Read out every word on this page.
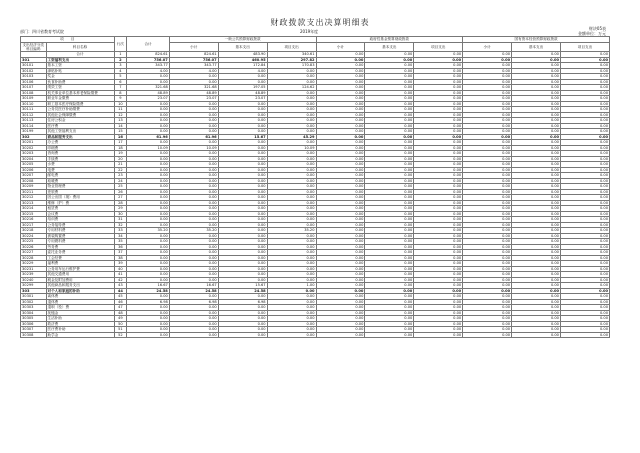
财政拨款支出决算明细表
财决05表
金额单位：万元
部门：四川省教育考试院	2019年度
项　　目		行次	合计	一般公共预算财政拨款			政府性基金预算财政拨款			国有资本经营预算财政拨款		
支出经济分类科目编码	科目名称			小计	基本支出	项目支出	小计	基本支出	项目支出	小计	基本支出	项目支出

	合计	1	824.61	824.61	483.90	340.61	0.00	0.00	0.00	0.00	0.00	0.00
301	工资福利支出	2	756.07	756.07	460.95	297.82	0.00	0.00	0.00	0.00	0.00	0.00
30101	基本工资	3	343.77	343.77	172.84	170.83	0.00	0.00	0.00	0.00	0.00	0.00
30102	津贴补贴	4	4.00	4.00	4.00	0.00	0.00	0.00	0.00	0.00	0.00	0.00
30103	奖金	5	0.00	0.00	0.00	0.00	0.00	0.00	0.00	0.00	0.00	0.00
30106	伙食补助费	6	0.00	0.00	0.00	0.00	0.00	0.00	0.00	0.00	0.00	0.00
30107	绩效工资	7	321.68	321.68	197.05	124.62	0.00	0.00	0.00	0.00	0.00	0.00
30108	机关事业单位基本养老保险缴费	8	48.89	48.89	48.89	0.00	0.00	0.00	0.00	0.00	0.00	0.00
30109	职业年金缴费	9	23.07	23.07	23.07	0.00	0.00	0.00	0.00	0.00	0.00	0.00
30110	职工基本医疗保险缴费	10	0.00	0.00	0.00	0.00	0.00	0.00	0.00	0.00	0.00	0.00
30111	公务员医疗补助缴费	11	0.00	0.00	0.00	0.00	0.00	0.00	0.00	0.00	0.00	0.00
30112	其他社会保障缴费	12	0.00	0.00	0.00	0.00	0.00	0.00	0.00	0.00	0.00	0.00
30113	住房公积金	13	0.00	0.00	0.00	0.00	0.00	0.00	0.00	0.00	0.00	0.00
30114	医疗费	14	0.00	0.00	0.00	0.00	0.00	0.00	0.00	0.00	0.00	0.00
30199	其他工资福利支出	15	0.00	0.00	0.00	0.00	0.00	0.00	0.00	0.00	0.00	0.00
302	商品和服务支出	16	61.96	61.96	15.67	45.29	0.00	0.00	0.00	0.00	0.00	0.00
30201	办公费	17	0.00	0.00	0.00	0.00	0.00	0.00	0.00	0.00	0.00	0.00
30202	印刷费	18	10.09	10.09	0.00	10.09	0.00	0.00	0.00	0.00	0.00	0.00
30203	咨询费	19	0.00	0.00	0.00	0.00	0.00	0.00	0.00	0.00	0.00	0.00
30204	手续费	20	0.00	0.00	0.00	0.00	0.00	0.00	0.00	0.00	0.00	0.00
30205	水费	21	0.00	0.00	0.00	0.00	0.00	0.00	0.00	0.00	0.00	0.00
30206	电费	22	0.00	0.00	0.00	0.00	0.00	0.00	0.00	0.00	0.00	0.00
30207	邮电费	23	0.00	0.00	0.00	0.00	0.00	0.00	0.00	0.00	0.00	0.00
30208	取暖费	24	0.00	0.00	0.00	0.00	0.00	0.00	0.00	0.00	0.00	0.00
30209	物业管理费	25	0.00	0.00	0.00	0.00	0.00	0.00	0.00	0.00	0.00	0.00
30211	差旅费	26	0.00	0.00	0.00	0.00	0.00	0.00	0.00	0.00	0.00	0.00
30212	因公出国（境）费用	27	0.00	0.00	0.00	0.00	0.00	0.00	0.00	0.00	0.00	0.00
30213	维修（护）费	28	0.00	0.00	0.00	0.00	0.00	0.00	0.00	0.00	0.00	0.00
30214	租赁费	29	0.00	0.00	0.00	0.00	0.00	0.00	0.00	0.00	0.00	0.00
30215	会议费	30	0.00	0.00	0.00	0.00	0.00	0.00	0.00	0.00	0.00	0.00
30216	培训费	31	0.00	0.00	0.00	0.00	0.00	0.00	0.00	0.00	0.00	0.00
30217	公务接待费	32	0.00	0.00	0.00	0.00	0.00	0.00	0.00	0.00	0.00	0.00
30218	专用材料费	33	35.20	35.20	0.00	35.20	0.00	0.00	0.00	0.00	0.00	0.00
30224	被装购置费	34	0.00	0.00	0.00	0.00	0.00	0.00	0.00	0.00	0.00	0.00
30225	专用燃料费	35	0.00	0.00	0.00	0.00	0.00	0.00	0.00	0.00	0.00	0.00
30226	劳务费	36	0.00	0.00	0.00	0.00	0.00	0.00	0.00	0.00	0.00	0.00
30227	委托业务费	37	0.00	0.00	0.00	0.00	0.00	0.00	0.00	0.00	0.00	0.00
30228	工会经费	38	0.00	0.00	0.00	0.00	0.00	0.00	0.00	0.00	0.00	0.00
30229	福利费	39	0.00	0.00	0.00	0.00	0.00	0.00	0.00	0.00	0.00	0.00
30231	公务用车运行维护费	40	0.00	0.00	0.00	0.00	0.00	0.00	0.00	0.00	0.00	0.00
30239	其他交通费用	41	0.00	0.00	0.00	0.00	0.00	0.00	0.00	0.00	0.00	0.00
30240	税金及附加费用	42	0.00	0.00	0.00	0.00	0.00	0.00	0.00	0.00	0.00	0.00
30299	其他商品和服务支出	43	16.67	16.67	15.67	1.00	0.00	0.00	0.00	0.00	0.00	0.00
303	对个人和家庭的补助	44	24.58	24.58	24.58	0.00	0.00	0.00	0.00	0.00	0.00	0.00
30301	离休费	45	0.00	0.00	0.00	0.00	0.00	0.00	0.00	0.00	0.00	0.00
30302	退休费	46	6.98	6.98	6.98	0.00	0.00	0.00	0.00	0.00	0.00	0.00
30303	退职（役）费	47	0.00	0.00	0.00	0.00	0.00	0.00	0.00	0.00	0.00	0.00
30304	抚恤金	48	0.00	0.00	0.00	0.00	0.00	0.00	0.00	0.00	0.00	0.00
30305	生活补助	49	0.00	0.00	0.00	0.00	0.00	0.00	0.00	0.00	0.00	0.00
30306	救济费	50	0.00	0.00	0.00	0.00	0.00	0.00	0.00	0.00	0.00	0.00
30307	医疗费补助	51	0.00	0.00	0.00	0.00	0.00	0.00	0.00	0.00	0.00	0.00
30308	助学金	52	0.00	0.00	0.00	0.00	0.00	0.00	0.00	0.00	0.00	0.00
